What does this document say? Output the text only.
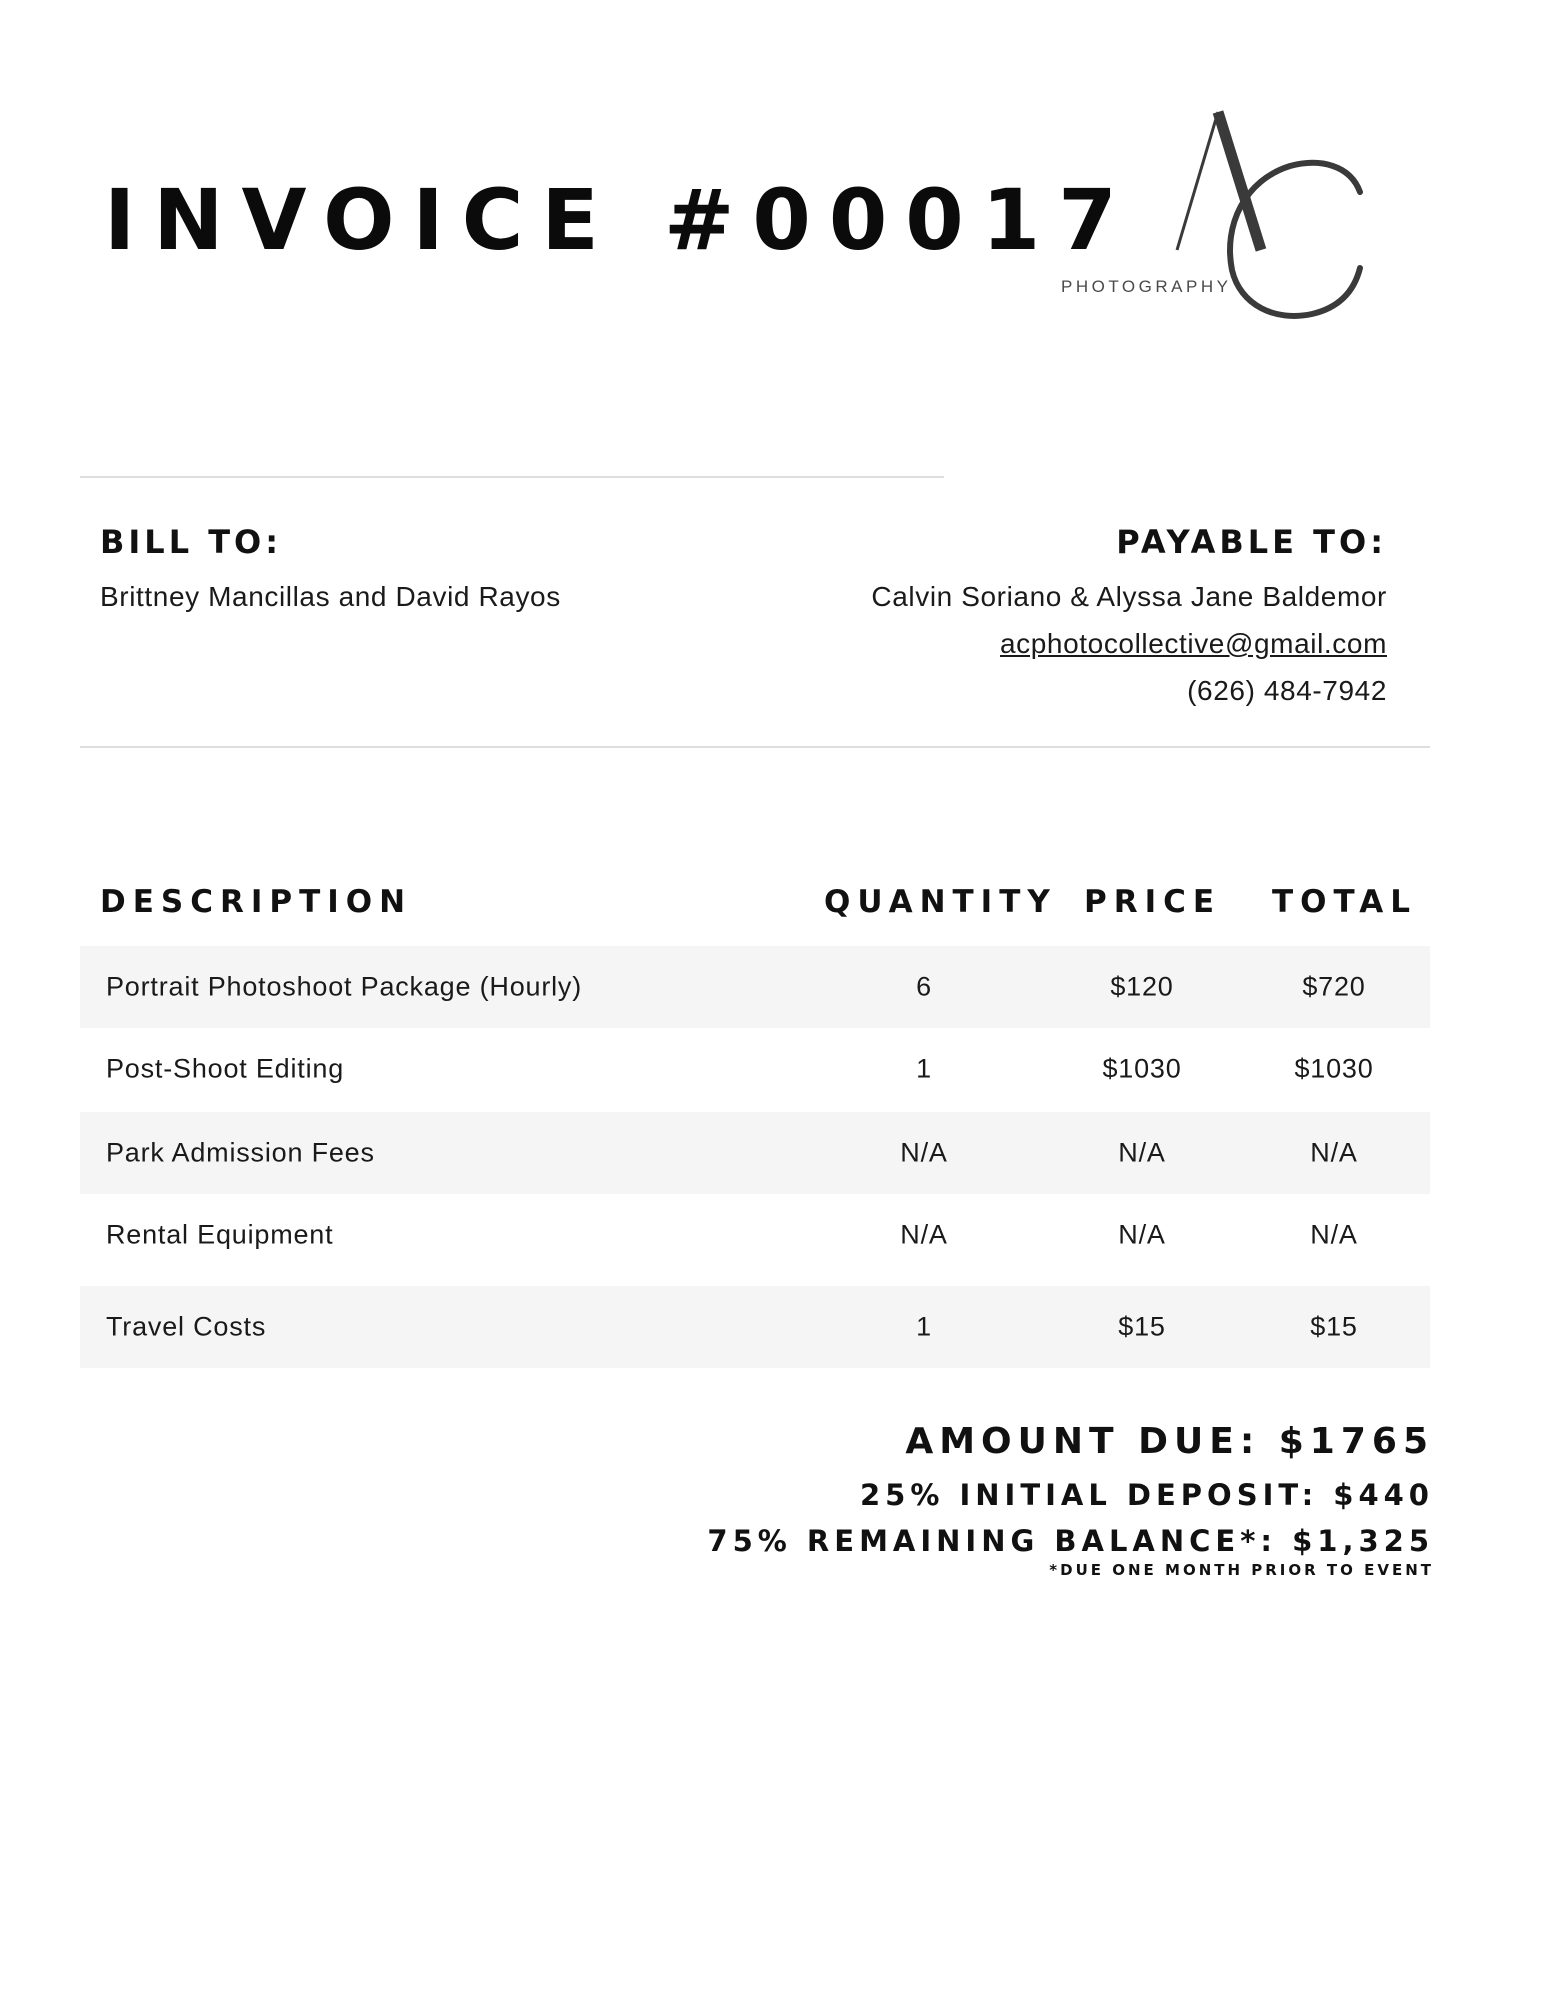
INVOICE #00017
PHOTOGRAPHY
BILL TO:
Brittney Mancillas and David Rayos
PAYABLE TO:
Calvin Soriano & Alyssa Jane Baldemor
acphotocollective@gmail.com
(626) 484-7942
DESCRIPTION	QUANTITY PRICE TOTAL
Portrait Photoshoot Package (Hourly)	6	$120	$720
Post-Shoot Editing	1	$1030	$1030
Park Admission Fees	N/A	N/A	N/A
Rental Equipment	N/A	N/A	N/A
Travel Costs	1	$15	$15
AMOUNT DUE: $1765
25% INITIAL DEPOSIT: $440
75% REMAINING BALANCE*: $1,325
*DUE ONE MONTH PRIOR TO EVENT
